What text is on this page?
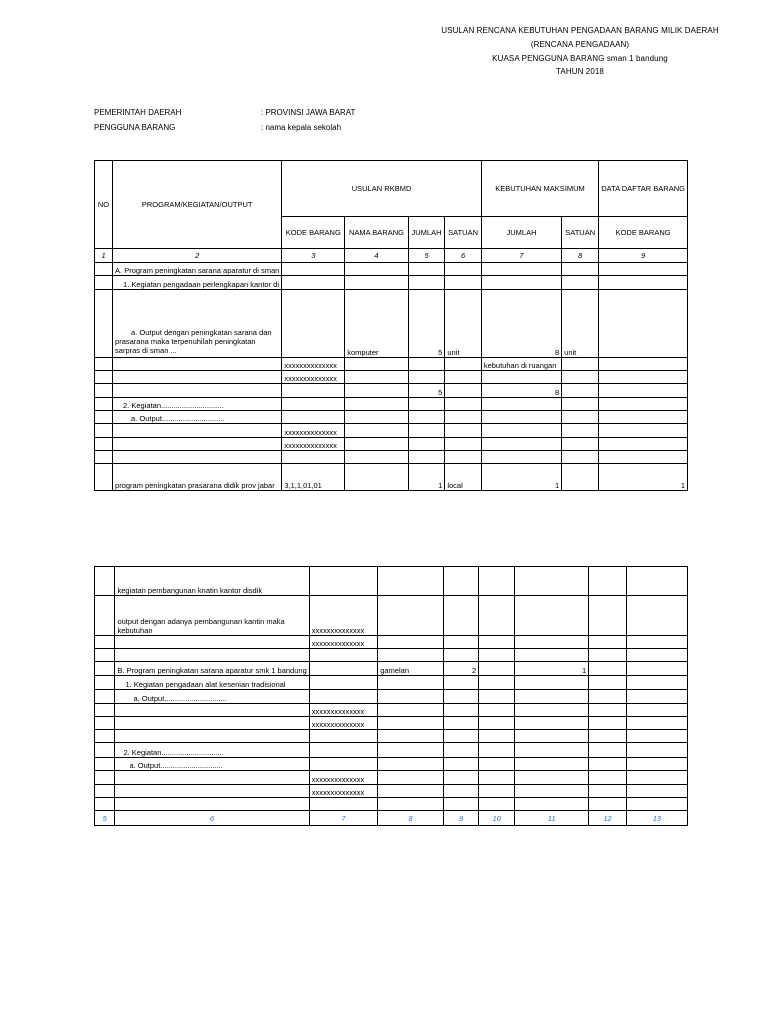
USULAN RENCANA KEBUTUHAN PENGADAAN BARANG MILIK DAERAH
(RENCANA PENGADAAN)
KUASA PENGGUNA BARANG sman 1 bandung
TAHUN 2018
PEMERINTAH DAERAH	: PROVINSI JAWA BARAT
PENGGUNA BARANG	: nama kepala sekolah
NO	PROGRAM/KEGIATAN/OUTPUT	USULAN RKBMD				KEBUTUHAN MAKSIMUM		DATA DAFTAR BARANG
		KODE BARANG	NAMA BARANG	JUMLAH	SATUAN	JUMLAH	SATUAN	KODE BARANG
1	2	3	4	5	6	7	8	9
	A. Program peningkatan sarana aparatur di sman							
	1. Kegiatan pengadaan perlengkapan kantor di							

	a. Output dengan peningkatan sarana dan prasarana maka terpenuhilah peningkatan sarpras di sman ...		komputer	5	unit	8	unit	
		xxxxxxxxxxxxxx				kebutuhan di ruangan		
		xxxxxxxxxxxxxx						
				5		8		
	2. Kegiatan..............................							
	a. Output..............................							
		xxxxxxxxxxxxxx						
		xxxxxxxxxxxxxx						

	program peningkatan prasarana didik prov jabar	3,1,1,01,01		1	local	1		1
	kegiatan pembangunan knatin kantor disdik							
	output dengan adanya pembangunan kantin maka kebutuhan	xxxxxxxxxxxxxx						
		xxxxxxxxxxxxxx						

	B. Program peningkatan sarana aparatur smk 1 bandung		gamelan	2		1		
	1. Kegiatan pengadaan alat kesenian tradisional							
	a. Output..............................							
		xxxxxxxxxxxxxx						
		xxxxxxxxxxxxxx						

	2. Kegiatan..............................							
	a. Output..............................							
		xxxxxxxxxxxxxx						
		xxxxxxxxxxxxxx						

5	6	7	8	9	10	11	12	13
